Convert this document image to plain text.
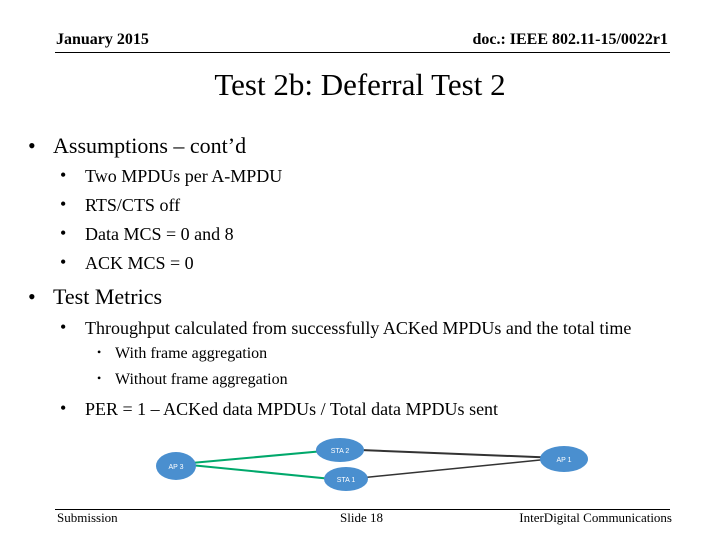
January 2015	doc.: IEEE 802.11-15/0022r1
Test 2b: Deferral Test 2
• Assumptions – cont’d
• Two MPDUs per A-MPDU
• RTS/CTS off
• Data MCS = 0 and 8
• ACK MCS = 0
• Test Metrics
• Throughput calculated from successfully ACKed MPDUs and the total time
• With frame aggregation
• Without frame aggregation
• PER = 1 – ACKed data MPDUs / Total data MPDUs sent
STA 2
AP 3
AP 1
STA 1
Submission	Slide 18	InterDigital Communications
